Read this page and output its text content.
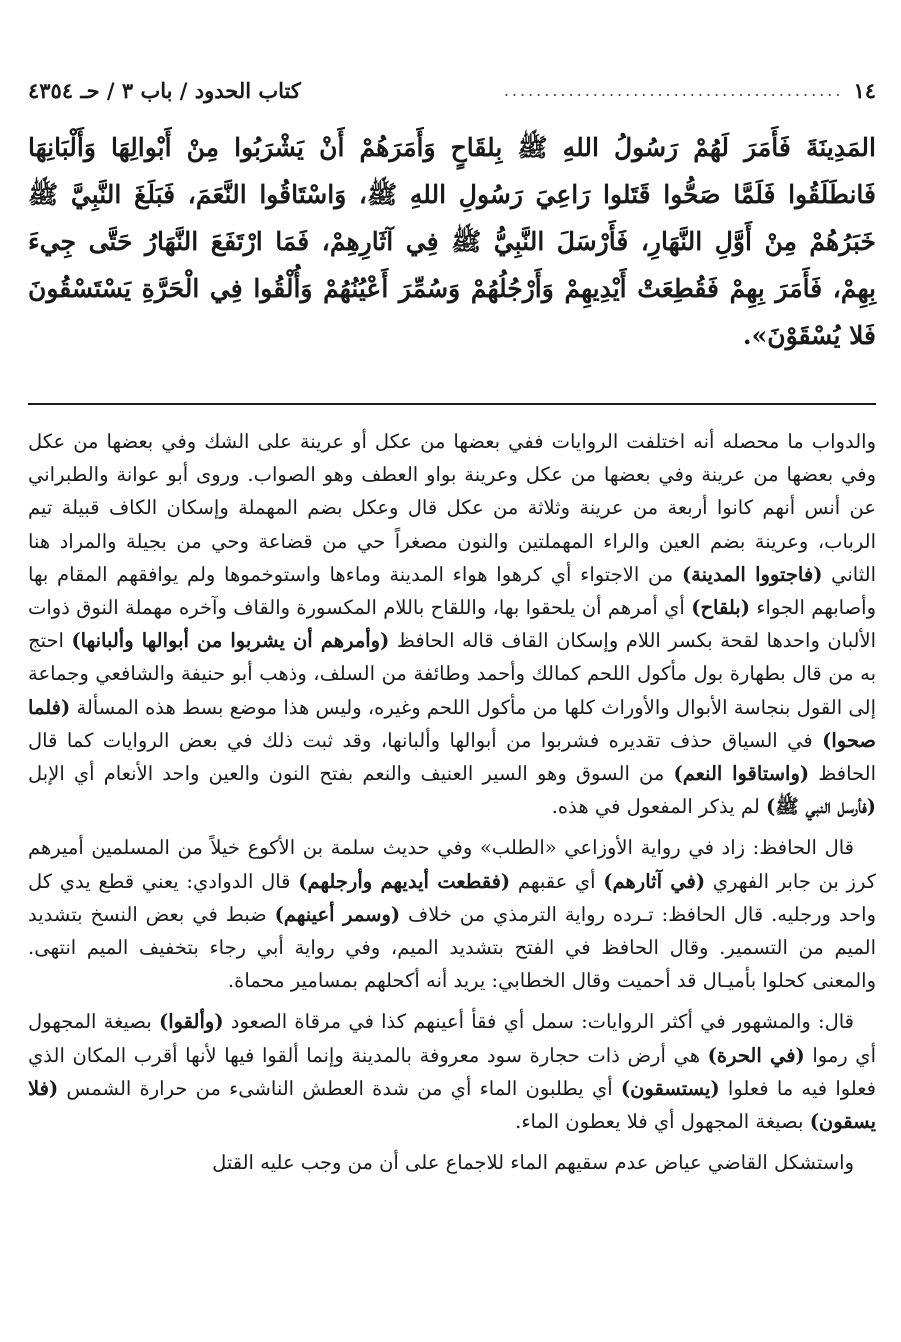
١٤
..........................................
كتاب الحدود / باب ٣ / حـ ٤٣٥٤
المَدِينَةَ فَأَمَرَ لَهُمْ رَسُولُ اللهِ ﷺ بِلقَاحٍ وَأَمَرَهُمْ أَنْ يَشْرَبُوا مِنْ أَبْوالِهَا وَأَلْبَانِهَا فَانطَلَقُوا فَلَمَّا صَحُّوا قَتَلوا رَاعِيَ رَسُولِ اللهِ ﷺ، وَاسْتَاقُوا النَّعَمَ، فَبَلَغَ النَّبِيَّ ﷺ خَبَرُهُمْ مِنْ أَوَّلِ النَّهَارِ، فَأَرْسَلَ النَّبِيُّ ﷺ فِي آثَارِهِمْ، فَمَا ارْتَفَعَ النَّهَارُ حَتَّى جِيءَ بِهِمْ، فَأَمَرَ بِهِمْ فَقُطِعَتْ أَيْدِيهِمْ وَأَرْجُلُهُمْ وَسُمِّرَ أَعْيُنُهُمْ وَأُلْقُوا فِي الْحَرَّةِ يَسْتَسْقُونَ فَلا يُسْقَوْنَ».

والدواب ما محصله أنه اختلفت الروايات ففي بعضها من عكل أو عرينة على الشك وفي بعضها من عكل وفي بعضها من عرينة وفي بعضها من عكل وعرينة بواو العطف وهو الصواب. وروى أبو عوانة والطبراني عن أنس أنهم كانوا أربعة من عرينة وثلاثة من عكل قال وعكل بضم المهملة وإسكان الكاف قبيلة تيم الرباب، وعرينة بضم العين والراء المهملتين والنون مصغراً حي من قضاعة وحي من بجيلة والمراد هنا الثاني (فاجتووا المدينة) من الاجتواء أي كرهوا هواء المدينة وماءها واستوخموها ولم يوافقهم المقام بها وأصابهم الجواء (بلقاح) أي أمرهم أن يلحقوا بها، واللقاح باللام المكسورة والقاف وآخره مهملة النوق ذوات الألبان واحدها لقحة بكسر اللام وإسكان القاف قاله الحافظ (وأمرهم أن يشربوا من أبوالها وألبانها) احتج به من قال بطهارة بول مأكول اللحم كمالك وأحمد وطائفة من السلف، وذهب أبو حنيفة والشافعي وجماعة إلى القول بنجاسة الأبوال والأوراث كلها من مأكول اللحم وغيره، وليس هذا موضع بسط هذه المسألة (فلما صحوا) في السياق حذف تقديره فشربوا من أبوالها وألبانها، وقد ثبت ذلك في بعض الروايات كما قال الحافظ (واستاقوا النعم) من السوق وهو السير العنيف والنعم بفتح النون والعين واحد الأنعام أي الإبل (فأرسل النبي ﷺ) لم يذكر المفعول في هذه.

قال الحافظ: زاد في رواية الأوزاعي «الطلب» وفي حديث سلمة بن الأكوع خيلاً من المسلمين أميرهم كرز بن جابر الفهري (في آثارهم) أي عقبهم (فقطعت أيديهم وأرجلهم) قال الدوادي: يعني قطع يدي كل واحد ورجليه. قال الحافظ: تـرده رواية الترمذي من خلاف (وسمر أعينهم) ضبط في بعض النسخ بتشديد الميم من التسمير. وقال الحافظ في الفتح بتشديد الميم، وفي رواية أبي رجاء بتخفيف الميم انتهى. والمعنى كحلوا بأميـال قد أحميت وقال الخطابي: يريد أنه أكحلهم بمسامير محماة.

قال: والمشهور في أكثر الروايات: سمل أي فقأ أعينهم كذا في مرقاة الصعود (وألقوا) بصيغة المجهول أي رموا (في الحرة) هي أرض ذات حجارة سود معروفة بالمدينة وإنما ألقوا فيها لأنها أقرب المكان الذي فعلوا فيه ما فعلوا (يستسقون) أي يطلبون الماء أي من شدة العطش الناشىء من حرارة الشمس (فلا يسقون) بصيغة المجهول أي فلا يعطون الماء.

واستشكل القاضي عياض عدم سقيهم الماء للاجماع على أن من وجب عليه القتل
